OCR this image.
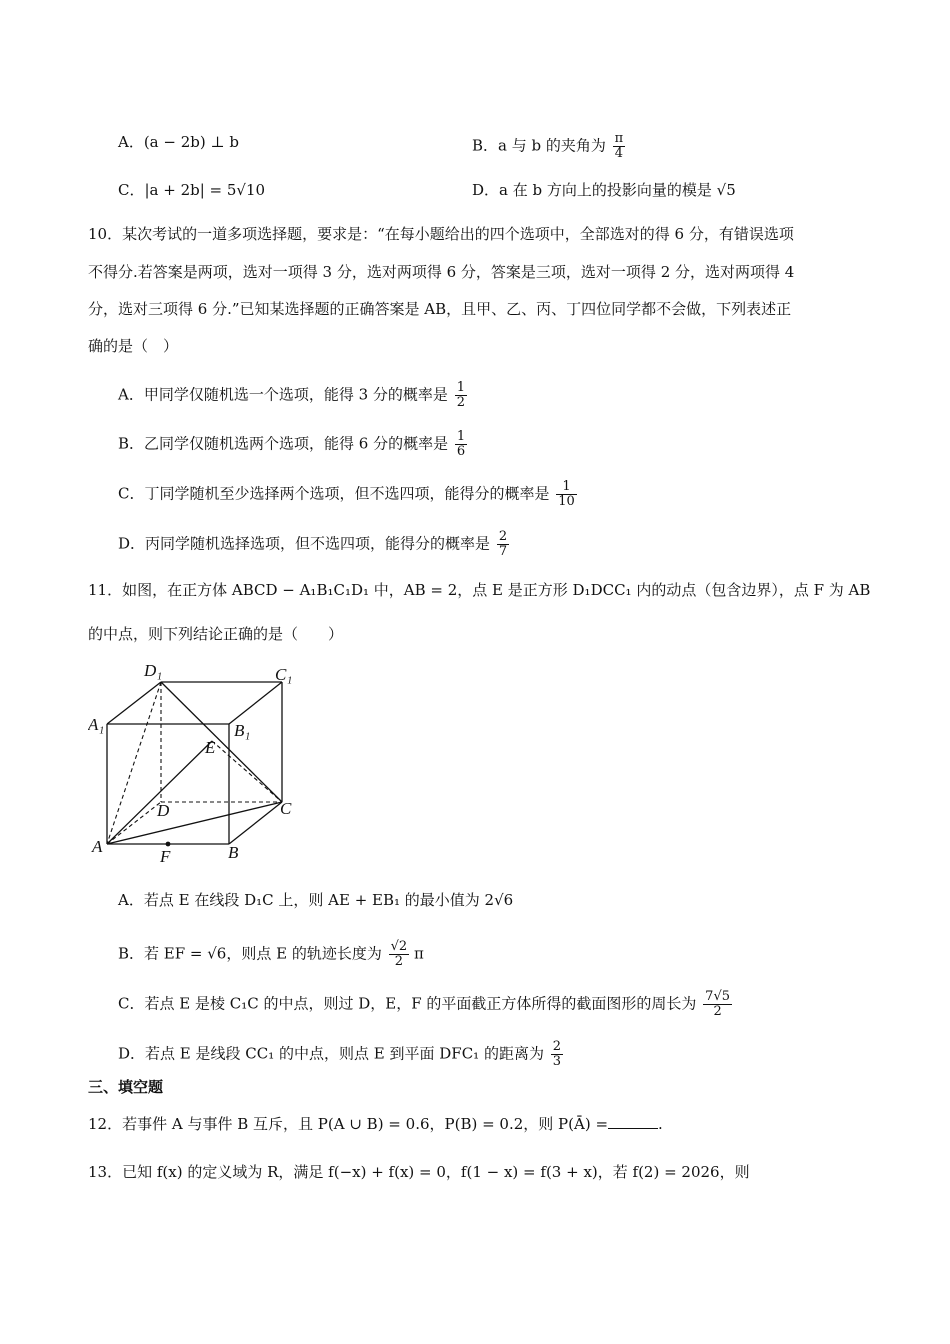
A．(a − 2b) ⊥ b	B．a 与 b 的夹角为 $\frac{\pi}{4}$
C．|a + 2b| = 5√10	D．a 在 b 方向上的投影向量的模是 √5
10．某次考试的一道多项选择题，要求是：“在每小题给出的四个选项中，全部选对的得 6 分，有错误选项
不得分.若答案是两项，选对一项得 3 分，选对两项得 6 分，答案是三项，选对一项得 2 分，选对两项得 4
分，选对三项得 6 分.”已知某选择题的正确答案是 AB，且甲、乙、丙、丁四位同学都不会做，下列表述正
确的是（　）
A．甲同学仅随机选一个选项，能得 3 分的概率是 $\frac{1}{2}$
B．乙同学仅随机选两个选项，能得 6 分的概率是 $\frac{1}{6}$
C．丁同学随机至少选择两个选项，但不选四项，能得分的概率是 $\frac{1}{10}$
D．丙同学随机选择选项，但不选四项，能得分的概率是 $\frac{2}{7}$
11．如图，在正方体 ABCD − A₁B₁C₁D₁ 中，AB = 2，点 E 是正方形 D₁DCC₁ 内的动点（包含边界），点 F 为 AB
的中点，则下列结论正确的是（　　）
D₁	C₁
A₁	B₁
E
D	C
A
F	B
A．若点 E 在线段 D₁C 上，则 AE + EB₁ 的最小值为 2√6
B．若 EF = √6，则点 E 的轨迹长度为 $\frac{√2}{2}$ π
C．若点 E 是棱 C₁C 的中点，则过 D，E，F 的平面截正方体所得的截面图形的周长为 $\frac{7√5}{2}$
D．若点 E 是线段 CC₁ 的中点，则点 E 到平面 DFC₁ 的距离为 $\frac{2}{3}$
三、填空题
12．若事件 A 与事件 B 互斥，且 P(A ∪ B) = 0.6，P(B) = 0.2，则 P(Ā) =	.
13．已知 f(x) 的定义域为 R，满足 f(−x) + f(x) = 0，f(1 − x) = f(3 + x)，若 f(2) = 2026，则
